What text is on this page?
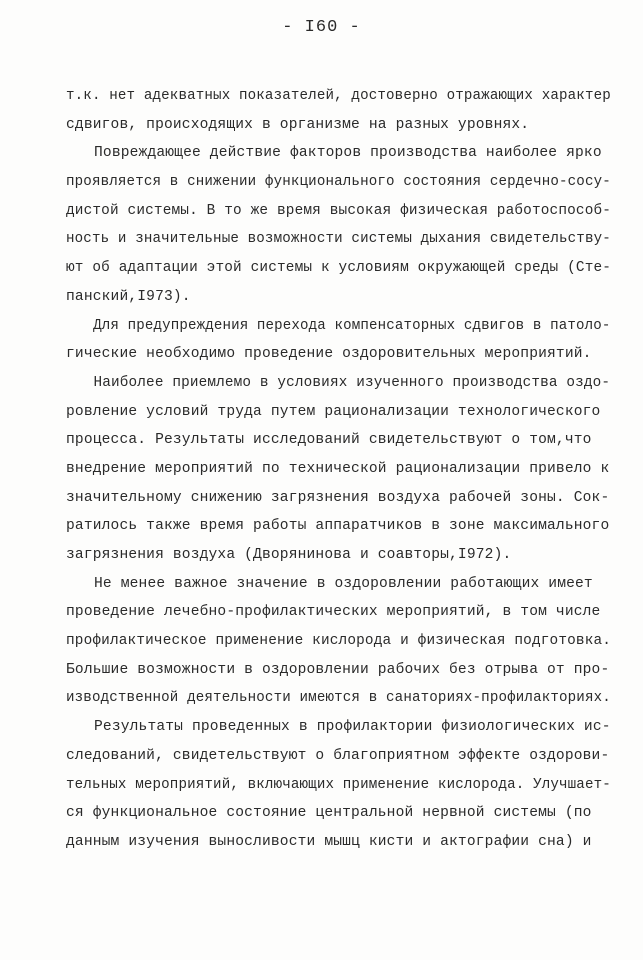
- I60 -
т.к. нет адекватных показателей, достоверно отражающих характер
сдвигов, происходящих в организме на разных уровнях.
Повреждающее действие факторов производства наиболее ярко
проявляется в снижении функционального состояния сердечно-сосу-
дистой системы. В то же время высокая физическая работоспособ-
ность и значительные возможности системы дыхания свидетельству-
ют об адаптации этой системы к условиям окружающей среды (Сте-
панский,I973).
Для предупреждения перехода компенсаторных сдвигов в патоло-
гические необходимо проведение оздоровительных мероприятий.
Наиболее приемлемо в условиях изученного производства оздо-
ровление условий труда путем рационализации технологического
процесса. Результаты исследований свидетельствуют о том,что
внедрение мероприятий по технической рационализации привело к
значительному снижению загрязнения воздуха рабочей зоны. Сок-
ратилось также время работы аппаратчиков в зоне максимального
загрязнения воздуха (Дворянинова и соавторы,I972).
Не менее важное значение в оздоровлении работающих имеет
проведение лечебно-профилактических мероприятий, в том числе
профилактическое применение кислорода и физическая подготовка.
Большие возможности в оздоровлении рабочих без отрыва от про-
изводственной деятельности имеются в санаториях-профилакториях.
Результаты проведенных в профилактории физиологических ис-
следований, свидетельствуют о благоприятном эффекте оздорови-
тельных мероприятий, включающих применение кислорода. Улучшает-
ся функциональное состояние центральной нервной системы (по
данным изучения выносливости мышц кисти и актографии сна) и
